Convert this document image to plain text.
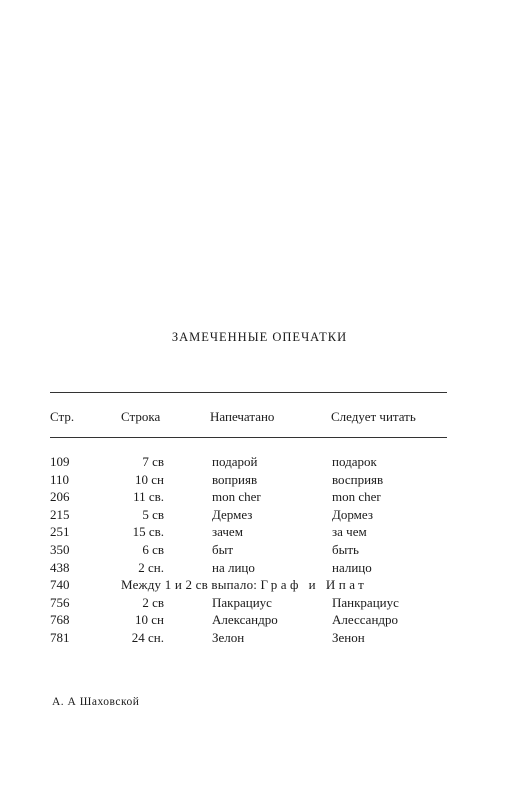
ЗАМЕЧЕННЫЕ ОПЕЧАТКИ
Стр.	Строка	Напечатано	Следует читать
109	7 св	подарой	подарок
110	10 сн	воприяв	восприяв
206	11 св.	mon cher	mon cher
215	5 св	Дермез	Дормез
251	15 св.	зачем	за чем
350	6 св	быт	быть
438	2 сн.	на лицо	налицо
740	Между 1 и 2 св выпало: Граф и Ипат
756	2 св	Пакрациус	Панкрациус
768	10 сн	Алексaндро	Алессандро
781	24 сн.	Зелон	Зенон
А. А Шаховской
